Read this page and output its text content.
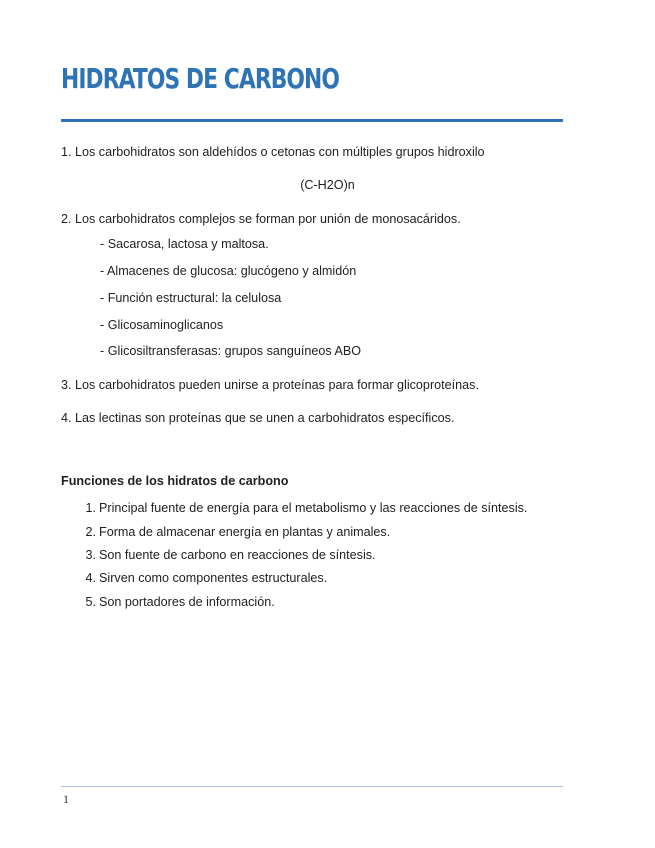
HIDRATOS DE CARBONO
1. Los carbohidratos son aldehídos o cetonas con múltiples grupos hidroxilo
(C-H2O)n
2. Los carbohidratos complejos se forman por unión de monosacáridos.
- Sacarosa, lactosa y maltosa.
- Almacenes de glucosa: glucógeno y almidón
- Función estructural: la celulosa
- Glicosaminoglicanos
- Glicosiltransferasas: grupos sanguíneos ABO
3. Los carbohidratos pueden unirse a proteínas para formar glicoproteínas.
4. Las lectinas son proteínas que se unen a carbohidratos específicos.
Funciones de los hidratos de carbono
1. Principal fuente de energía para el metabolismo y las reacciones de síntesis.
2. Forma de almacenar energía en plantas y animales.
3. Son fuente de carbono en reacciones de síntesis.
4. Sirven como componentes estructurales.
5. Son portadores de información.
1
